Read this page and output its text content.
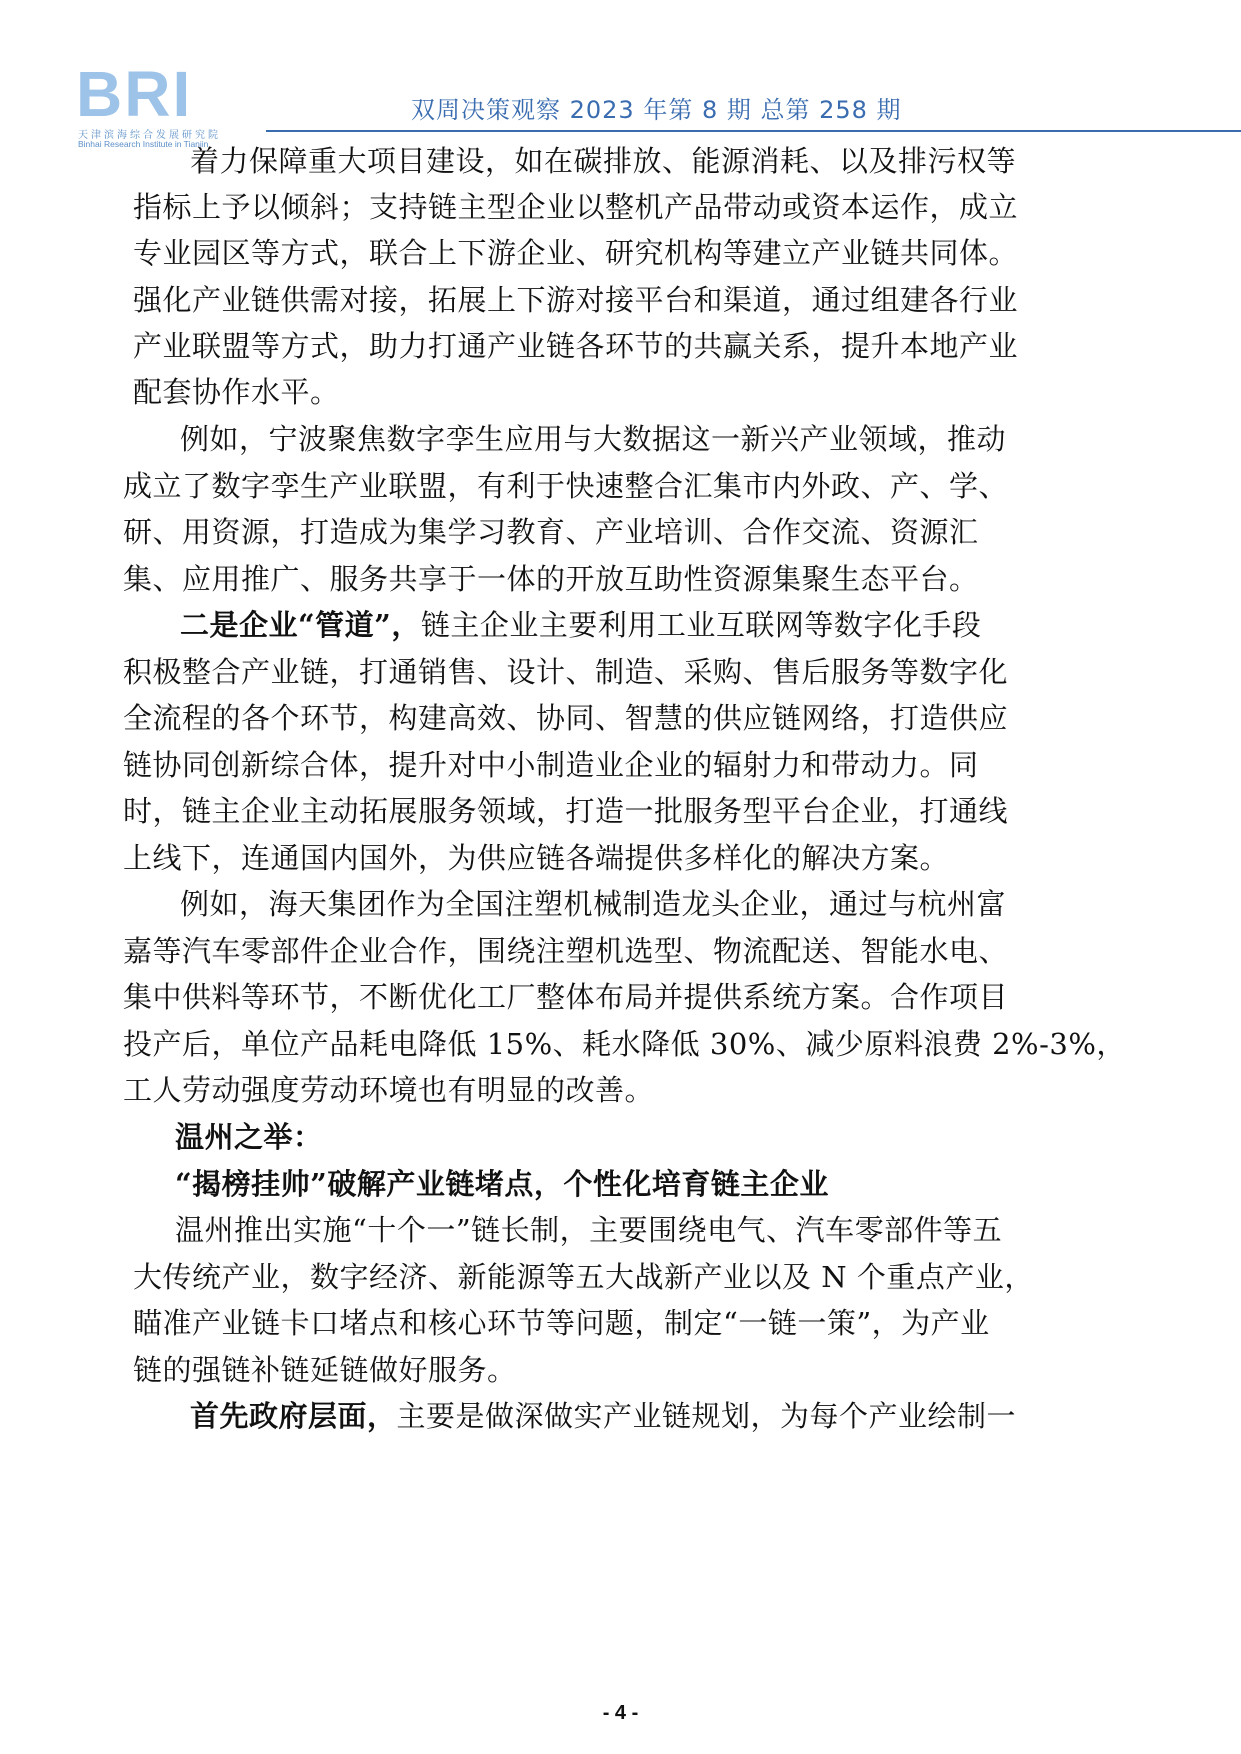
BRI
天津滨海综合发展研究院
Binhai Research Institute in Tianjin
双周决策观察 2023 年第 8 期 总第 258 期
着力保障重大项目建设，如在碳排放、能源消耗、以及排污权等
指标上予以倾斜；支持链主型企业以整机产品带动或资本运作，成立
专业园区等方式，联合上下游企业、研究机构等建立产业链共同体。
强化产业链供需对接，拓展上下游对接平台和渠道，通过组建各行业
产业联盟等方式，助力打通产业链各环节的共赢关系，提升本地产业
配套协作水平。
例如，宁波聚焦数字孪生应用与大数据这一新兴产业领域，推动
成立了数字孪生产业联盟，有利于快速整合汇集市内外政、产、学、
研、用资源，打造成为集学习教育、产业培训、合作交流、资源汇
集、应用推广、服务共享于一体的开放互助性资源集聚生态平台。
二是企业“管道”，链主企业主要利用工业互联网等数字化手段
积极整合产业链，打通销售、设计、制造、采购、售后服务等数字化
全流程的各个环节，构建高效、协同、智慧的供应链网络，打造供应
链协同创新综合体，提升对中小制造业企业的辐射力和带动力。同
时，链主企业主动拓展服务领域，打造一批服务型平台企业，打通线
上线下，连通国内国外，为供应链各端提供多样化的解决方案。
例如，海天集团作为全国注塑机械制造龙头企业，通过与杭州富
嘉等汽车零部件企业合作，围绕注塑机选型、物流配送、智能水电、
集中供料等环节，不断优化工厂整体布局并提供系统方案。合作项目
投产后，单位产品耗电降低 15%、耗水降低 30%、减少原料浪费 2%-3%，
工人劳动强度劳动环境也有明显的改善。
温州之举：
“揭榜挂帅”破解产业链堵点，个性化培育链主企业
温州推出实施“十个一”链长制，主要围绕电气、汽车零部件等五
大传统产业，数字经济、新能源等五大战新产业以及 N 个重点产业，
瞄准产业链卡口堵点和核心环节等问题，制定“一链一策”，为产业
链的强链补链延链做好服务。
首先政府层面，主要是做深做实产业链规划，为每个产业绘制一
- 4 -
